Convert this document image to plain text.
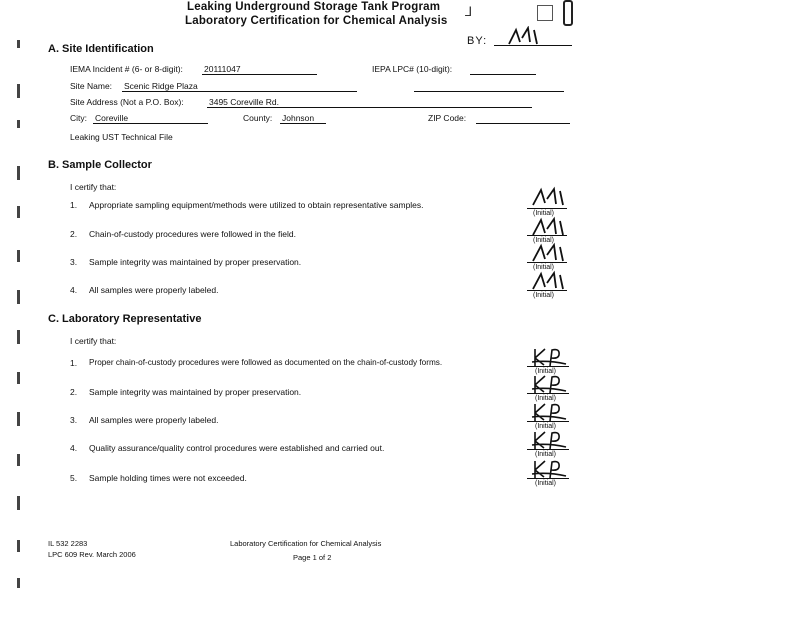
Leaking Underground Storage Tank Program
Laboratory Certification for Chemical Analysis
⅃
BY:
A. Site Identification
IEMA Incident # (6- or 8-digit): 20111047	IEPA LPC# (10-digit):
Site Name: Scenic Ridge Plaza
Site Address (Not a P.O. Box):	3495 Coreville Rd.
City: Coreville	County: Johnson	ZIP Code:
Leaking UST Technical File
B. Sample Collector
I certify that:
1. Appropriate sampling equipment/methods were utilized to obtain representative samples.
(Initial)
2. Chain-of-custody procedures were followed in the field.
(Initial)
3. Sample integrity was maintained by proper preservation.
(Initial)
4. All samples were properly labeled.
(Initial)
C. Laboratory Representative
I certify that:
1. Proper chain-of-custody procedures were followed as documented on the chain-of-custody forms.
(Initial)
2. Sample integrity was maintained by proper preservation.
(Initial)
3. All samples were properly labeled.
(Initial)
4. Quality assurance/quality control procedures were established and carried out.
(Initial)
5. Sample holding times were not exceeded.
(Initial)
IL 532 2283
LPC 609 Rev. March 2006
Laboratory Certification for Chemical Analysis
Page 1 of 2
